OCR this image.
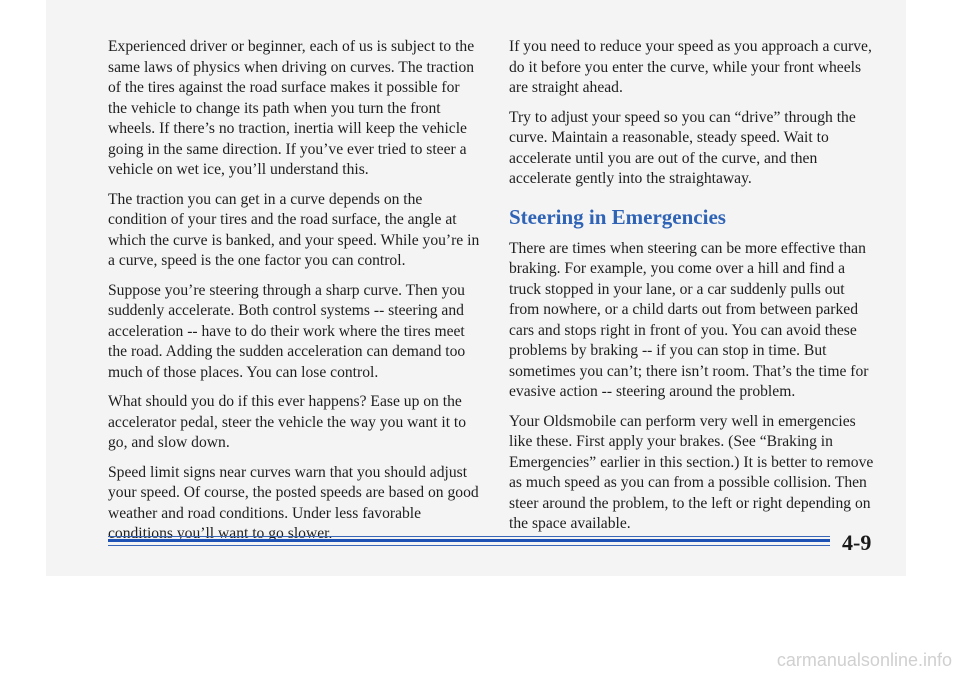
Experienced driver or beginner, each of us is subject to the same laws of physics when driving on curves. The traction of the tires against the road surface makes it possible for the vehicle to change its path when you turn the front wheels. If there’s no traction, inertia will keep the vehicle going in the same direction. If you’ve ever tried to steer a vehicle on wet ice, you’ll understand this.

The traction you can get in a curve depends on the condition of your tires and the road surface, the angle at which the curve is banked, and your speed. While you’re in a curve, speed is the one factor you can control.

Suppose you’re steering through a sharp curve. Then you suddenly accelerate. Both control systems -- steering and acceleration -- have to do their work where the tires meet the road. Adding the sudden acceleration can demand too much of those places. You can lose control.

What should you do if this ever happens? Ease up on the accelerator pedal, steer the vehicle the way you want it to go, and slow down.

Speed limit signs near curves warn that you should adjust your speed. Of course, the posted speeds are based on good weather and road conditions. Under less favorable conditions you’ll want to go slower.

If you need to reduce your speed as you approach a curve, do it before you enter the curve, while your front wheels are straight ahead.

Try to adjust your speed so you can “drive” through the curve. Maintain a reasonable, steady speed. Wait to accelerate until you are out of the curve, and then accelerate gently into the straightaway.

Steering in Emergencies

There are times when steering can be more effective than braking. For example, you come over a hill and find a truck stopped in your lane, or a car suddenly pulls out from nowhere, or a child darts out from between parked cars and stops right in front of you. You can avoid these problems by braking -- if you can stop in time. But sometimes you can’t; there isn’t room. That’s the time for evasive action -- steering around the problem.

Your Oldsmobile can perform very well in emergencies like these. First apply your brakes. (See “Braking in Emergencies” earlier in this section.) It is better to remove as much speed as you can from a possible collision. Then steer around the problem, to the left or right depending on the space available.

4-9
carmanualsonline.info
